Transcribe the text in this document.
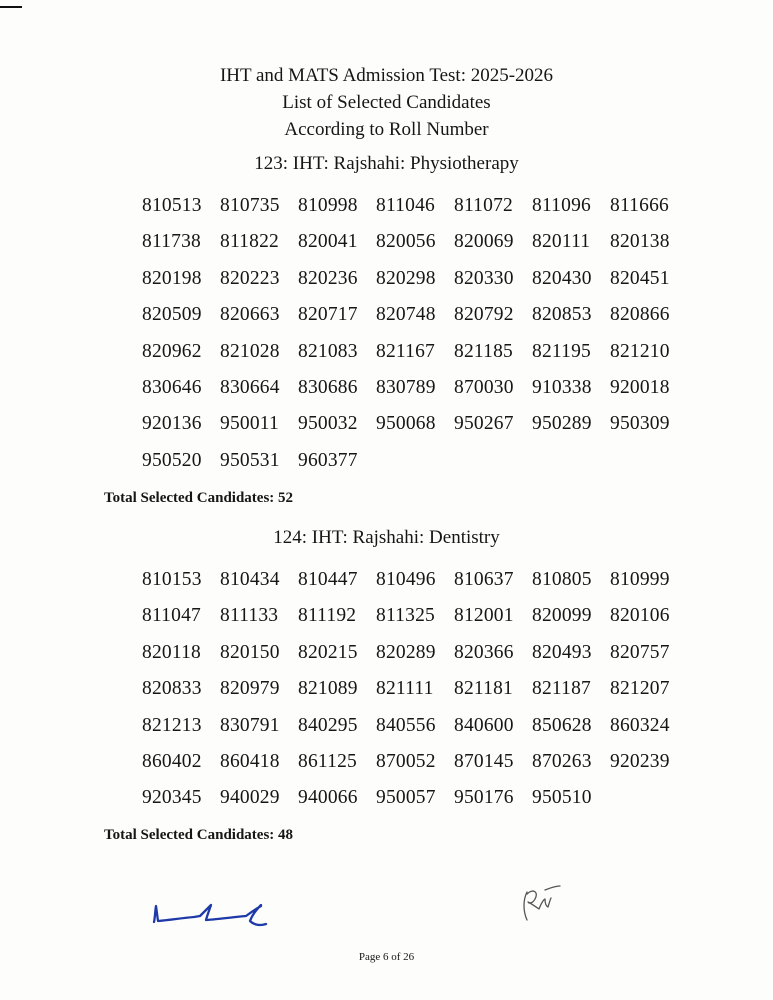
IHT and MATS Admission Test: 2025-2026
List of Selected Candidates
According to Roll Number
123: IHT: Rajshahi: Physiotherapy
810513 810735 810998 811046 811072 811096 811666
811738 811822 820041 820056 820069 820111	820138
820198 820223 820236 820298 820330 820430 820451
820509 820663 820717 820748 820792 820853 820866
820962 821028 821083 821167 821185 821195 821210
830646 830664 830686 830789 870030 910338 920018
920136 950011 950032 950068 950267 950289 950309
950520 950531 960377
Total Selected Candidates: 52
124: IHT: Rajshahi: Dentistry
810153 810434 810447 810496 810637 810805 810999
811047 811133	811192	811325 812001 820099 820106
820118 820150 820215 820289 820366 820493 820757
820833 820979 821089 821111	821181 821187 821207
821213 830791 840295 840556 840600 850628 860324
860402 860418 861125 870052 870145 870263 920239
920345 940029 940066 950057 950176 950510
Total Selected Candidates: 48
Page 6 of 26
